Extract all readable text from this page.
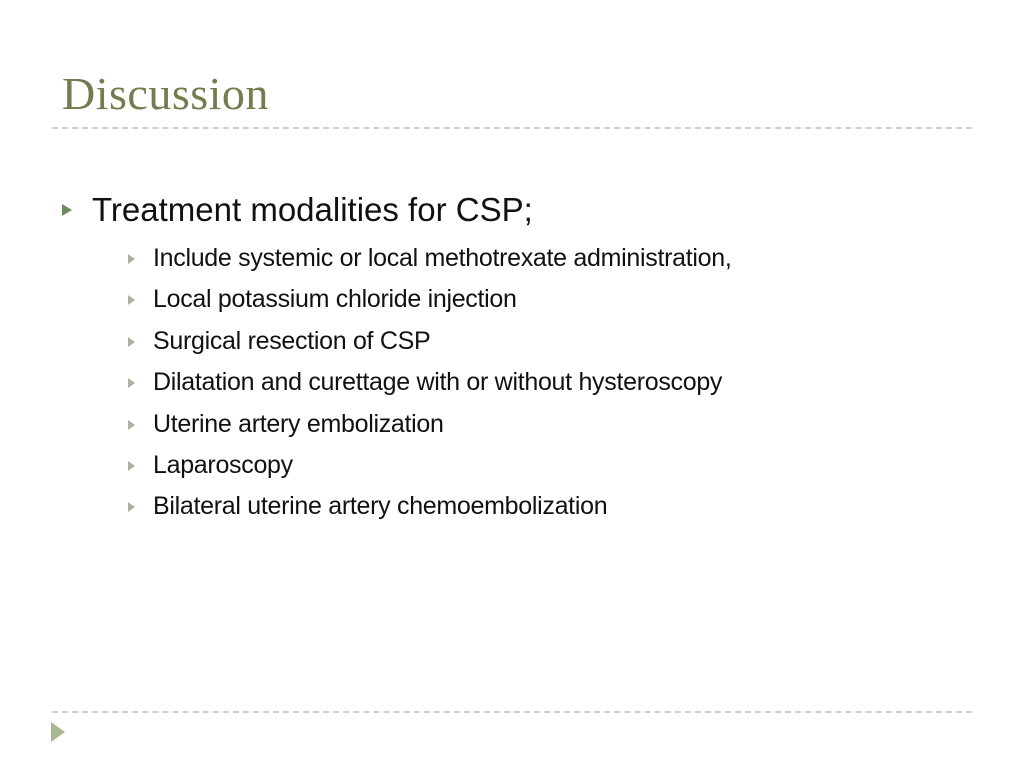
Discussion
Treatment modalities for CSP;
Include systemic or local methotrexate administration,
Local potassium chloride injection
Surgical resection of CSP
Dilatation and curettage with or without hysteroscopy
Uterine artery embolization
Laparoscopy
Bilateral uterine artery chemoembolization
